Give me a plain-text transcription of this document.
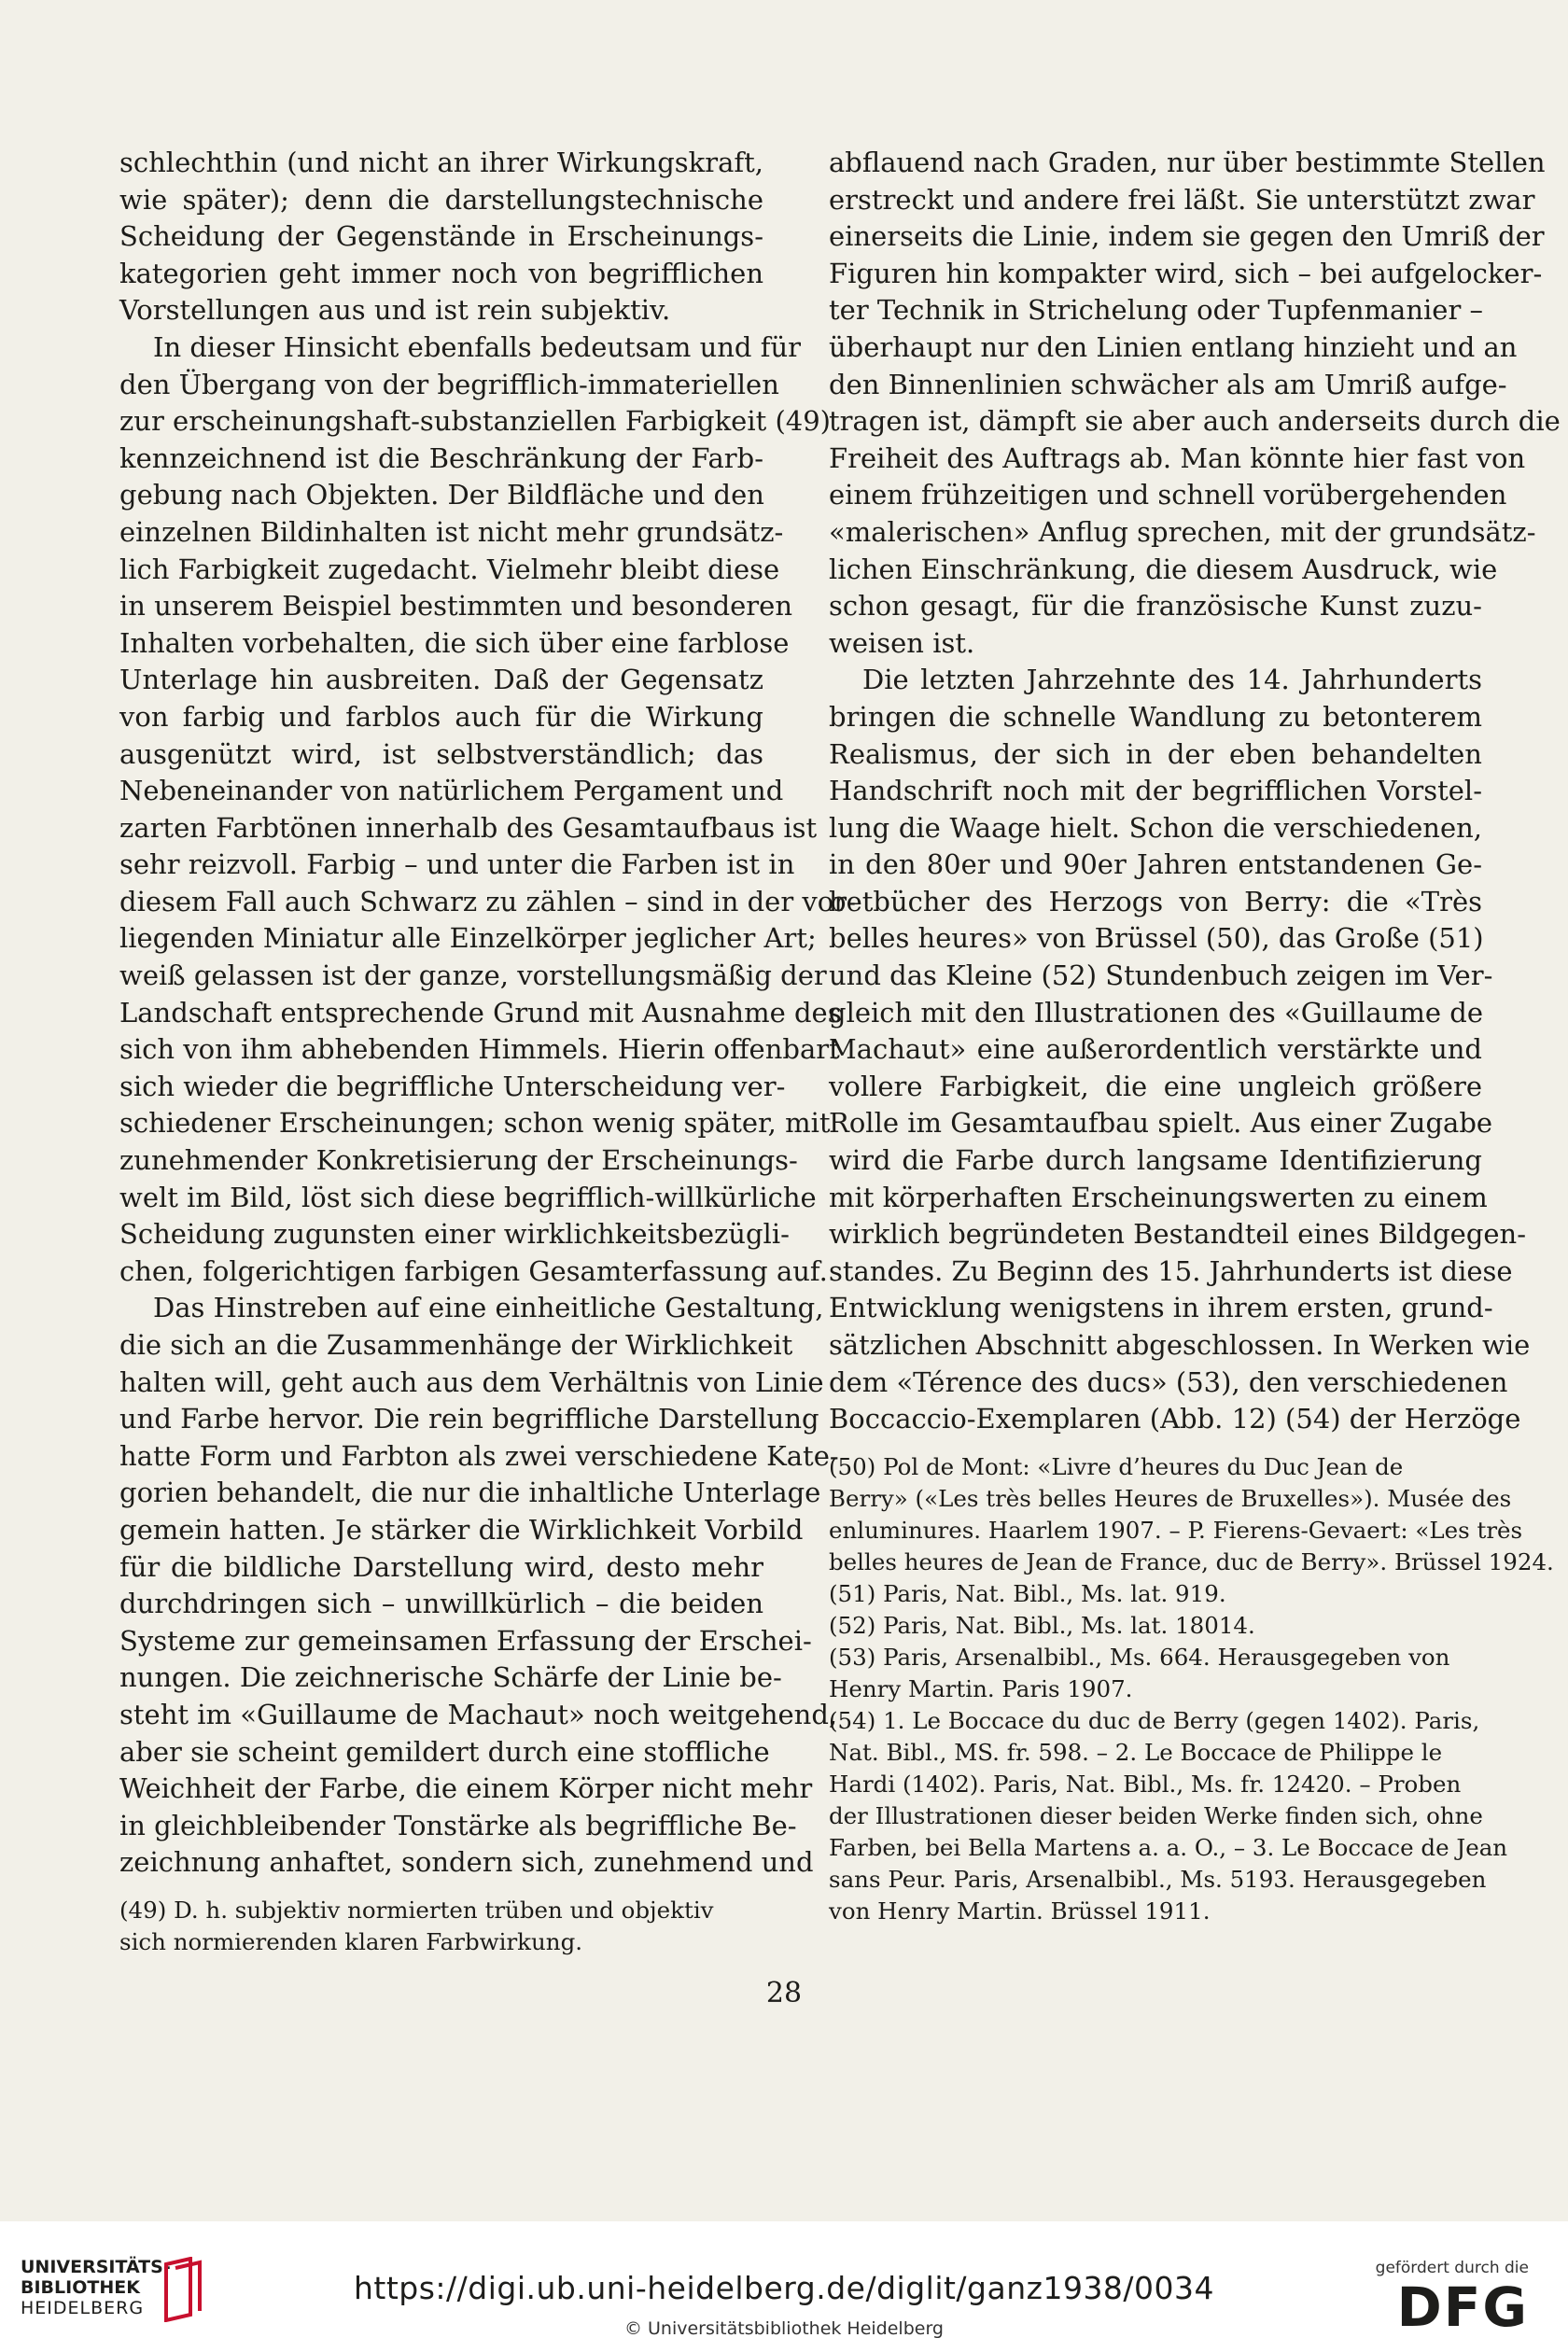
schlechthin (und nicht an ihrer Wirkungskraft,
wie später); denn die darstellungstechnische
Scheidung der Gegenstände in Erscheinungs-
kategorien geht immer noch von begrifflichen
Vorstellungen aus und ist rein subjektiv.
In dieser Hinsicht ebenfalls bedeutsam und für
den Übergang von der begrifflich-immateriellen
zur erscheinungshaft-substanziellen Farbigkeit (49)
kennzeichnend ist die Beschränkung der Farb-
gebung nach Objekten. Der Bildfläche und den
einzelnen Bildinhalten ist nicht mehr grundsätz-
lich Farbigkeit zugedacht. Vielmehr bleibt diese
in unserem Beispiel bestimmten und besonderen
Inhalten vorbehalten, die sich über eine farblose
Unterlage hin ausbreiten. Daß der Gegensatz
von farbig und farblos auch für die Wirkung
ausgenützt wird, ist selbstverständlich; das
Nebeneinander von natürlichem Pergament und
zarten Farbtönen innerhalb des Gesamtaufbaus ist
sehr reizvoll. Farbig – und unter die Farben ist in
diesem Fall auch Schwarz zu zählen – sind in der vor-
liegenden Miniatur alle Einzelkörper jeglicher Art;
weiß gelassen ist der ganze, vorstellungsmäßig der
Landschaft entsprechende Grund mit Ausnahme des
sich von ihm abhebenden Himmels. Hierin offenbart
sich wieder die begriffliche Unterscheidung ver-
schiedener Erscheinungen; schon wenig später, mit
zunehmender Konkretisierung der Erscheinungs-
welt im Bild, löst sich diese begrifflich-willkürliche
Scheidung zugunsten einer wirklichkeitsbezügli-
chen, folgerichtigen farbigen Gesamterfassung auf.
Das Hinstreben auf eine einheitliche Gestaltung,
die sich an die Zusammenhänge der Wirklichkeit
halten will, geht auch aus dem Verhältnis von Linie
und Farbe hervor. Die rein begriffliche Darstellung
hatte Form und Farbton als zwei verschiedene Kate-
gorien behandelt, die nur die inhaltliche Unterlage
gemein hatten. Je stärker die Wirklichkeit Vorbild
für die bildliche Darstellung wird, desto mehr
durchdringen sich – unwillkürlich – die beiden
Systeme zur gemeinsamen Erfassung der Erschei-
nungen. Die zeichnerische Schärfe der Linie be-
steht im «Guillaume de Machaut» noch weitgehend,
aber sie scheint gemildert durch eine stoffliche
Weichheit der Farbe, die einem Körper nicht mehr
in gleichbleibender Tonstärke als begriffliche Be-
zeichnung anhaftet, sondern sich, zunehmend und
(49) D. h. subjektiv normierten trüben und objektiv
sich normierenden klaren Farbwirkung.
abflauend nach Graden, nur über bestimmte Stellen
erstreckt und andere frei läßt. Sie unterstützt zwar
einerseits die Linie, indem sie gegen den Umriß der
Figuren hin kompakter wird, sich – bei aufgelocker-
ter Technik in Strichelung oder Tupfenmanier –
überhaupt nur den Linien entlang hinzieht und an
den Binnenlinien schwächer als am Umriß aufge-
tragen ist, dämpft sie aber auch anderseits durch die
Freiheit des Auftrags ab. Man könnte hier fast von
einem frühzeitigen und schnell vorübergehenden
«malerischen» Anflug sprechen, mit der grundsätz-
lichen Einschränkung, die diesem Ausdruck, wie
schon gesagt, für die französische Kunst zuzu-
weisen ist.
Die letzten Jahrzehnte des 14. Jahrhunderts
bringen die schnelle Wandlung zu betonterem
Realismus, der sich in der eben behandelten
Handschrift noch mit der begrifflichen Vorstel-
lung die Waage hielt. Schon die verschiedenen,
in den 80er und 90er Jahren entstandenen Ge-
betbücher des Herzogs von Berry: die «Très
belles heures» von Brüssel (50), das Große (51)
und das Kleine (52) Stundenbuch zeigen im Ver-
gleich mit den Illustrationen des «Guillaume de
Machaut» eine außerordentlich verstärkte und
vollere Farbigkeit, die eine ungleich größere
Rolle im Gesamtaufbau spielt. Aus einer Zugabe
wird die Farbe durch langsame Identifizierung
mit körperhaften Erscheinungswerten zu einem
wirklich begründeten Bestandteil eines Bildgegen-
standes. Zu Beginn des 15. Jahrhunderts ist diese
Entwicklung wenigstens in ihrem ersten, grund-
sätzlichen Abschnitt abgeschlossen. In Werken wie
dem «Térence des ducs» (53), den verschiedenen
Boccaccio-Exemplaren (Abb. 12) (54) der Herzöge
(50) Pol de Mont: «Livre d’heures du Duc Jean de
Berry» («Les très belles Heures de Bruxelles»). Musée des
enluminures. Haarlem 1907. – P. Fierens-Gevaert: «Les très
belles heures de Jean de France, duc de Berry». Brüssel 1924.
(51) Paris, Nat. Bibl., Ms. lat. 919.
(52) Paris, Nat. Bibl., Ms. lat. 18014.
(53) Paris, Arsenalbibl., Ms. 664. Herausgegeben von
Henry Martin. Paris 1907.
(54) 1. Le Boccace du duc de Berry (gegen 1402). Paris,
Nat. Bibl., MS. fr. 598. – 2. Le Boccace de Philippe le
Hardi (1402). Paris, Nat. Bibl., Ms. fr. 12420. – Proben
der Illustrationen dieser beiden Werke finden sich, ohne
Farben, bei Bella Martens a. a. O., – 3. Le Boccace de Jean
sans Peur. Paris, Arsenalbibl., Ms. 5193. Herausgegeben
von Henry Martin. Brüssel 1911.
28
UNIVERSITÄTS-
BIBLIOTHEK
HEIDELBERG
https://digi.ub.uni-heidelberg.de/diglit/ganz1938/0034
© Universitätsbibliothek Heidelberg
gefördert durch die
DFG
